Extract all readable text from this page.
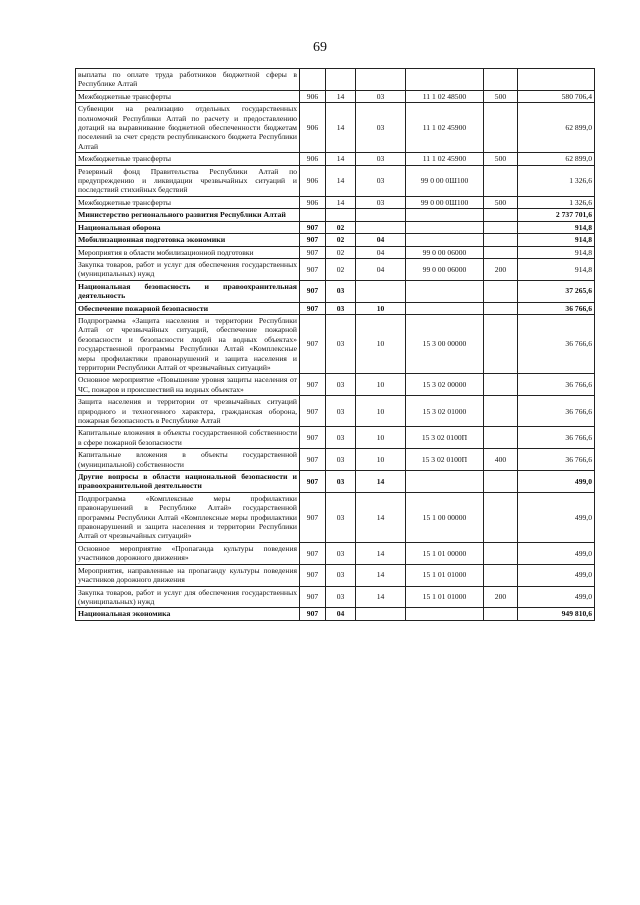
69
выплаты по оплате труда работников бюджетной сферы в Республике Алтай						
Межбюджетные трансферты	906	14	03	11 1 02 48500	500	580 706,4
Субвенции на реализацию отдельных государственных полномочий Республики Алтай по расчету и предоставлению дотаций на выравнивание бюджетной обеспеченности бюджетам поселений за счет средств республиканского бюджета Республики Алтай	906	14	03	11 1 02 45900		62 899,0
Межбюджетные трансферты	906	14	03	11 1 02 45900	500	62 899,0
Резервный фонд Правительства Республики Алтай по предупреждению и ликвидации чрезвычайных ситуаций и последствий стихийных бедствий	906	14	03	99 0 00 0Ш100		1 326,6
Межбюджетные трансферты	906	14	03	99 0 00 0Ш100	500	1 326,6
Министерство регионального развития Республики Алтай						2 737 701,6
Национальная оборона	907	02				914,8
Мобилизационная подготовка экономики	907	02	04			914,8
Мероприятия в области мобилизационной подготовки	907	02	04	99 0 00 06000		914,8
Закупка товаров, работ и услуг для обеспечения государственных (муниципальных) нужд	907	02	04	99 0 00 06000	200	914,8
Национальная безопасность и правоохранительная деятельность	907	03				37 265,6
Обеспечение пожарной безопасности	907	03	10			36 766,6
Подпрограмма «Защита населения и территории Республики Алтай от чрезвычайных ситуаций, обеспечение пожарной безопасности и безопасности людей на водных объектах» государственной программы Республики Алтай «Комплексные меры профилактики правонарушений и защита населения и территории Республики Алтай от чрезвычайных ситуаций»	907	03	10	15 3 00 00000		36 766,6
Основное мероприятие «Повышение уровня защиты населения от ЧС, пожаров и происшествий на водных объектах»	907	03	10	15 3 02 00000		36 766,6
Защита населения и территории от чрезвычайных ситуаций природного и техногенного характера, гражданская оборона, пожарная безопасность в Республике Алтай	907	03	10	15 3 02 01000		36 766,6
Капитальные вложения в объекты государственной собственности в сфере пожарной безопасности	907	03	10	15 3 02 0100П		36 766,6
Капитальные вложения в объекты государственной (муниципальной) собственности	907	03	10	15 3 02 0100П	400	36 766,6
Другие вопросы в области национальной безопасности и правоохранительной деятельности	907	03	14			499,0
Подпрограмма «Комплексные меры профилактики правонарушений в Республике Алтай» государственной программы Республики Алтай «Комплексные меры профилактики правонарушений и защита населения и территории Республики Алтай от чрезвычайных ситуаций»	907	03	14	15 1 00 00000		499,0
Основное мероприятие «Пропаганда культуры поведения участников дорожного движения»	907	03	14	15 1 01 00000		499,0
Мероприятия, направленные на пропаганду культуры поведения участников дорожного движения	907	03	14	15 1 01 01000		499,0
Закупка товаров, работ и услуг для обеспечения государственных (муниципальных) нужд	907	03	14	15 1 01 01000	200	499,0
Национальная экономика	907	04				949 810,6
